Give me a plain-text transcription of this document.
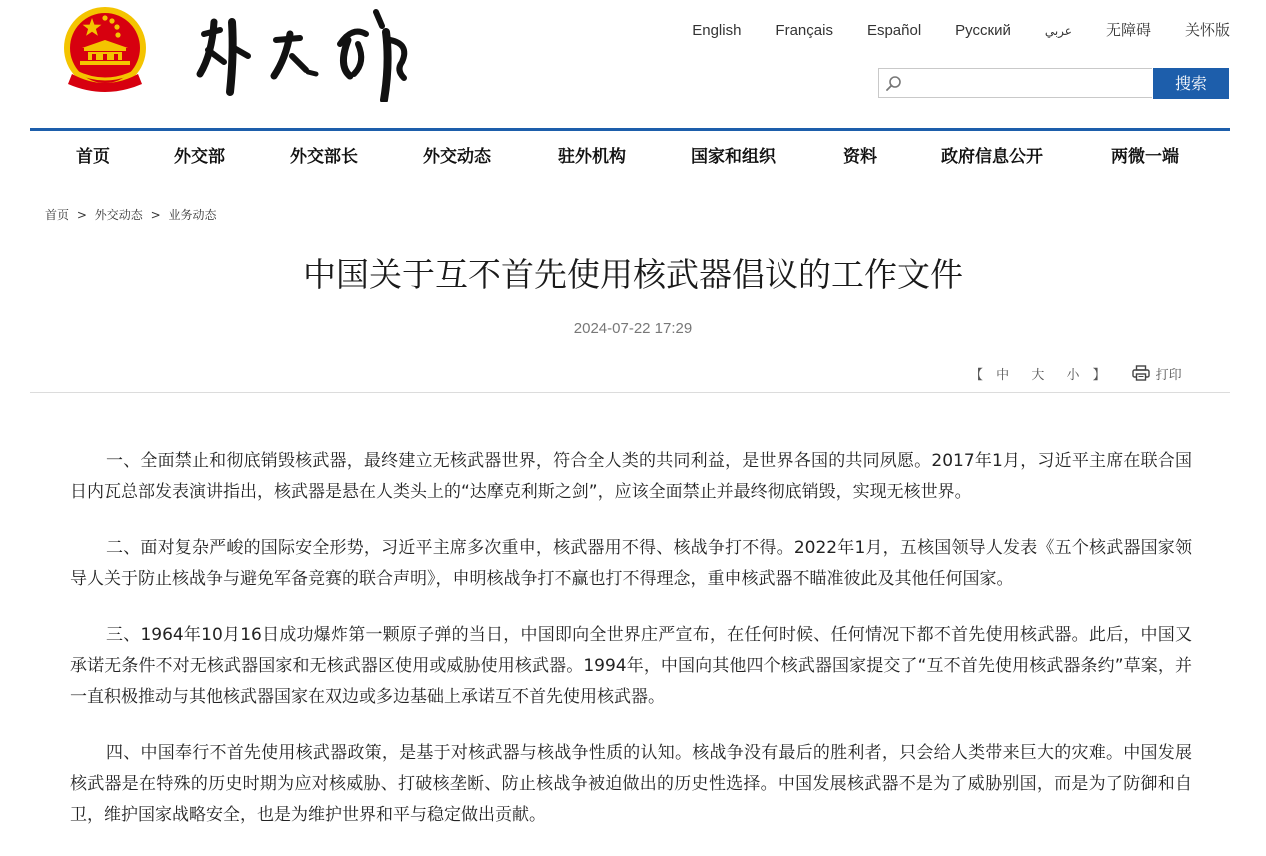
English Français Español Русский	عربي 无障碍 关怀版
搜索
首页	外交部	外交部长	外交动态	驻外机构	国家和组织	资料	政府信息公开	两微一端
首页 > 外交动态 > 业务动态
中国关于互不首先使用核武器倡议的工作文件
2024-07-22 17:29
【 中 大 小 】	打印

一、全面禁止和彻底销毁核武器，最终建立无核武器世界，符合全人类的共同利益，是世界各国的共同夙愿。2017年1月，习近平主席在联合国日内瓦总部发表演讲指出，核武器是悬在人类头上的“达摩克利斯之剑”，应该全面禁止并最终彻底销毁，实现无核世界。

二、面对复杂严峻的国际安全形势，习近平主席多次重申，核武器用不得、核战争打不得。2022年1月，五核国领导人发表《五个核武器国家领导人关于防止核战争与避免军备竞赛的联合声明》，申明核战争打不赢也打不得理念，重申核武器不瞄准彼此及其他任何国家。

三、1964年10月16日成功爆炸第一颗原子弹的当日，中国即向全世界庄严宣布，在任何时候、任何情况下都不首先使用核武器。此后，中国又承诺无条件不对无核武器国家和无核武器区使用或威胁使用核武器。1994年，中国向其他四个核武器国家提交了“互不首先使用核武器条约”草案，并一直积极推动与其他核武器国家在双边或多边基础上承诺互不首先使用核武器。

四、中国奉行不首先使用核武器政策，是基于对核武器与核战争性质的认知。核战争没有最后的胜利者，只会给人类带来巨大的灾难。中国发展核武器是在特殊的历史时期为应对核威胁、打破核垄断、防止核战争被迫做出的历史性选择。中国发展核武器不是为了威胁别国，而是为了防御和自卫，维护国家战略安全，也是为维护世界和平与稳定做出贡献。
